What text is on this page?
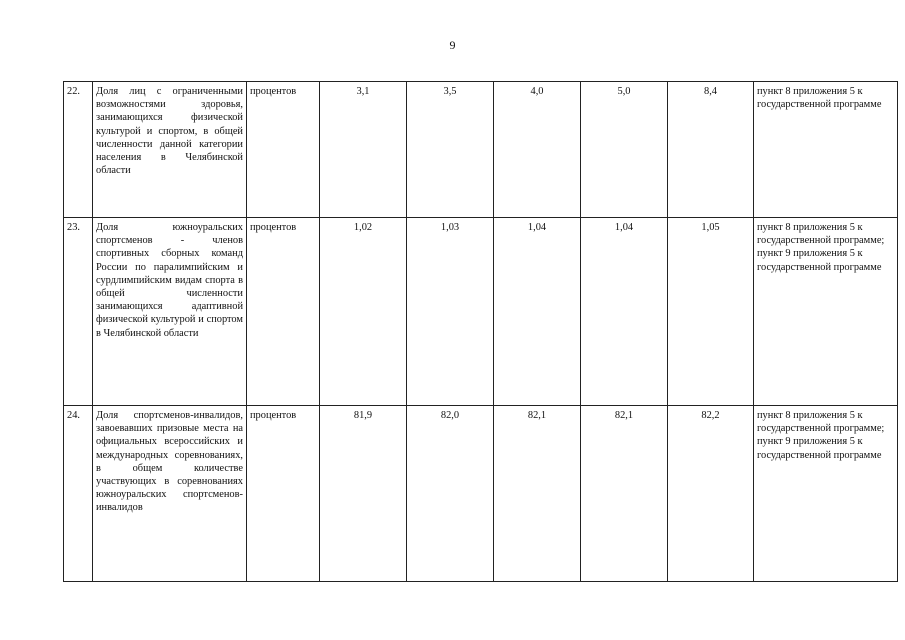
9
22.	Доля лиц с ограниченными возможностями здоровья, занимающихся физической культурой и спортом, в общей численности данной категории населения в Челябинской области	процентов	3,1	3,5	4,0	5,0	8,4	пункт 8 приложения 5 к государственной программе

23.	Доля южноуральских спортсменов - членов спортивных сборных команд России по паралимпийским и сурдлимпийским видам спорта в общей численности занимающихся адаптивной физической культурой и спортом в Челябинской области	процентов	1,02	1,03	1,04	1,04	1,05	пункт 8 приложения 5 к государственной программе;
пункт 9 приложения 5 к государственной программе

24.	Доля спортсменов-инвалидов, завоевавших призовые места на официальных всероссийских и международных соревнованиях, в общем количестве участвующих в соревнованиях южноуральских спортсменов-инвалидов	процентов	81,9	82,0	82,1	82,1	82,2	пункт 8 приложения 5 к государственной программе;
пункт 9 приложения 5 к государственной программе
